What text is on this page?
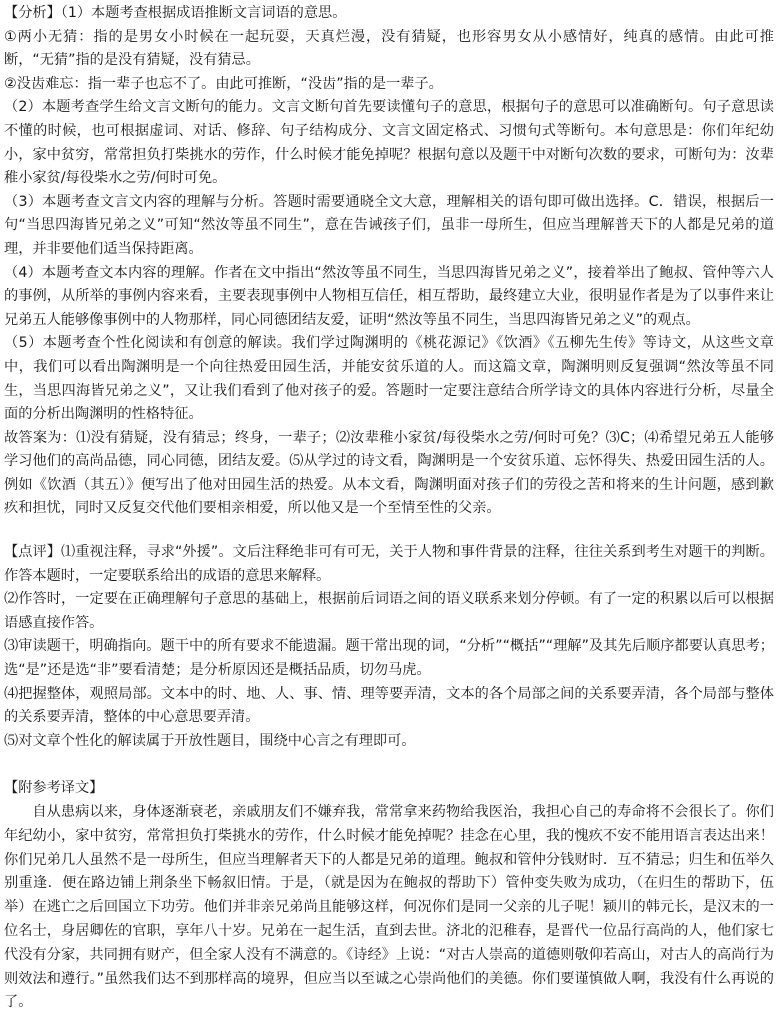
【分析】（1）本题考查根据成语推断文言词语的意思。

①两小无猜：指的是男女小时候在一起玩耍，天真烂漫，没有猜疑，也形容男女从小感情好，纯真的感情。由此可推断，“无猜”指的是没有猜疑，没有猜忌。

②没齿难忘：指一辈子也忘不了。由此可推断，“没齿”指的是一辈子。

（2）本题考查学生给文言文断句的能力。文言文断句首先要读懂句子的意思，根据句子的意思可以准确断句。句子意思读不懂的时候，也可根据虚词、对话、修辞、句子结构成分、文言文固定格式、习惯句式等断句。本句意思是：你们年纪幼小，家中贫穷，常常担负打柴挑水的劳作，什么时候才能免掉呢？根据句意以及题干中对断句次数的要求，可断句为：汝辈稚小家贫/每役柴水之劳/何时可免。

（3）本题考查文言文内容的理解与分析。答题时需要通晓全文大意，理解相关的语句即可做出选择。C．错误，根据后一句“当思四海皆兄弟之义”可知“然汝等虽不同生”，意在告诫孩子们，虽非一母所生，但应当理解普天下的人都是兄弟的道理，并非要他们适当保持距离。

（4）本题考查文本内容的理解。作者在文中指出“然汝等虽不同生，当思四海皆兄弟之义”，接着举出了鲍叔、管仲等六人的事例，从所举的事例内容来看，主要表现事例中人物相互信任，相互帮助，最终建立大业，很明显作者是为了以事件来让兄弟五人能够像事例中的人物那样，同心同德团结友爱，证明“然汝等虽不同生，当思四海皆兄弟之义”的观点。

（5）本题考查个性化阅读和有创意的解读。我们学过陶渊明的《桃花源记》《饮酒》《五柳先生传》等诗文，从这些文章中，我们可以看出陶渊明是一个向往热爱田园生活，并能安贫乐道的人。而这篇文章，陶渊明则反复强调“然汝等虽不同生，当思四海皆兄弟之义”，又让我们看到了他对孩子的爱。答题时一定要注意结合所学诗文的具体内容进行分析，尽量全面的分析出陶渊明的性格特征。

故答案为：⑴没有猜疑，没有猜忌；终身，一辈子；⑵汝辈稚小家贫/每役柴水之劳/何时可免？⑶C；⑷希望兄弟五人能够学习他们的高尚品德，同心同德，团结友爱。⑸从学过的诗文看，陶渊明是一个安贫乐道、忘怀得失、热爱田园生活的人。例如《饮酒（其五）》便写出了他对田园生活的热爱。从本文看，陶渊明面对孩子们的劳役之苦和将来的生计问题，感到歉疚和担忧，同时又反复交代他们要相亲相爱，所以他又是一个至情至性的父亲。

【点评】⑴重视注释，寻求“外援”。文后注释绝非可有可无，关于人物和事件背景的注释，往往关系到考生对题干的判断。作答本题时，一定要联系给出的成语的意思来解释。

⑵作答时，一定要在正确理解句子意思的基础上，根据前后词语之间的语义联系来划分停顿。有了一定的积累以后可以根据语感直接作答。

⑶审读题干，明确指向。题干中的所有要求不能遗漏。题干常出现的词，“分析”“概括”“理解”及其先后顺序都要认真思考；选“是”还是选“非”要看清楚；是分析原因还是概括品质，切勿马虎。

⑷把握整体，观照局部。文本中的时、地、人、事、情、理等要弄清，文本的各个局部之间的关系要弄清，各个局部与整体的关系要弄清，整体的中心意思要弄清。

⑸对文章个性化的解读属于开放性题目，围绕中心言之有理即可。

【附参考译文】

自从患病以来，身体逐渐衰老，亲戚朋友们不嫌弃我，常常拿来药物给我医治，我担心自己的寿命将不会很长了。你们年纪幼小，家中贫穷，常常担负打柴挑水的劳作，什么时候才能免掉呢？挂念在心里，我的愧疚不安不能用语言表达出来！你们兄弟几人虽然不是一母所生，但应当理解者天下的人都是兄弟的道理。鲍叔和管仲分钱财时．互不猜忌；归生和伍举久别重逢．便在路边铺上荆条坐下畅叙旧情。于是，（就是因为在鲍叔的帮助下）管仲变失败为成功，（在归生的帮助下，伍举）在逃亡之后回国立下功劳。他们并非亲兄弟尚且能够这样，何况你们是同一父亲的儿子呢！颍川的韩元长，是汉末的一位名士，身居卿佐的官职，享年八十岁。兄弟在一起生活，直到去世。济北的氾稚春，是晋代一位品行高尚的人，他们家七代没有分家，共同拥有财产，但全家人没有不满意的。《诗经》上说：“对古人崇高的道德则敬仰若高山，对古人的高尚行为则效法和遵行。”虽然我们达不到那样高的境界，但应当以至诚之心崇尚他们的美德。你们要谨慎做人啊，我没有什么再说的了。
